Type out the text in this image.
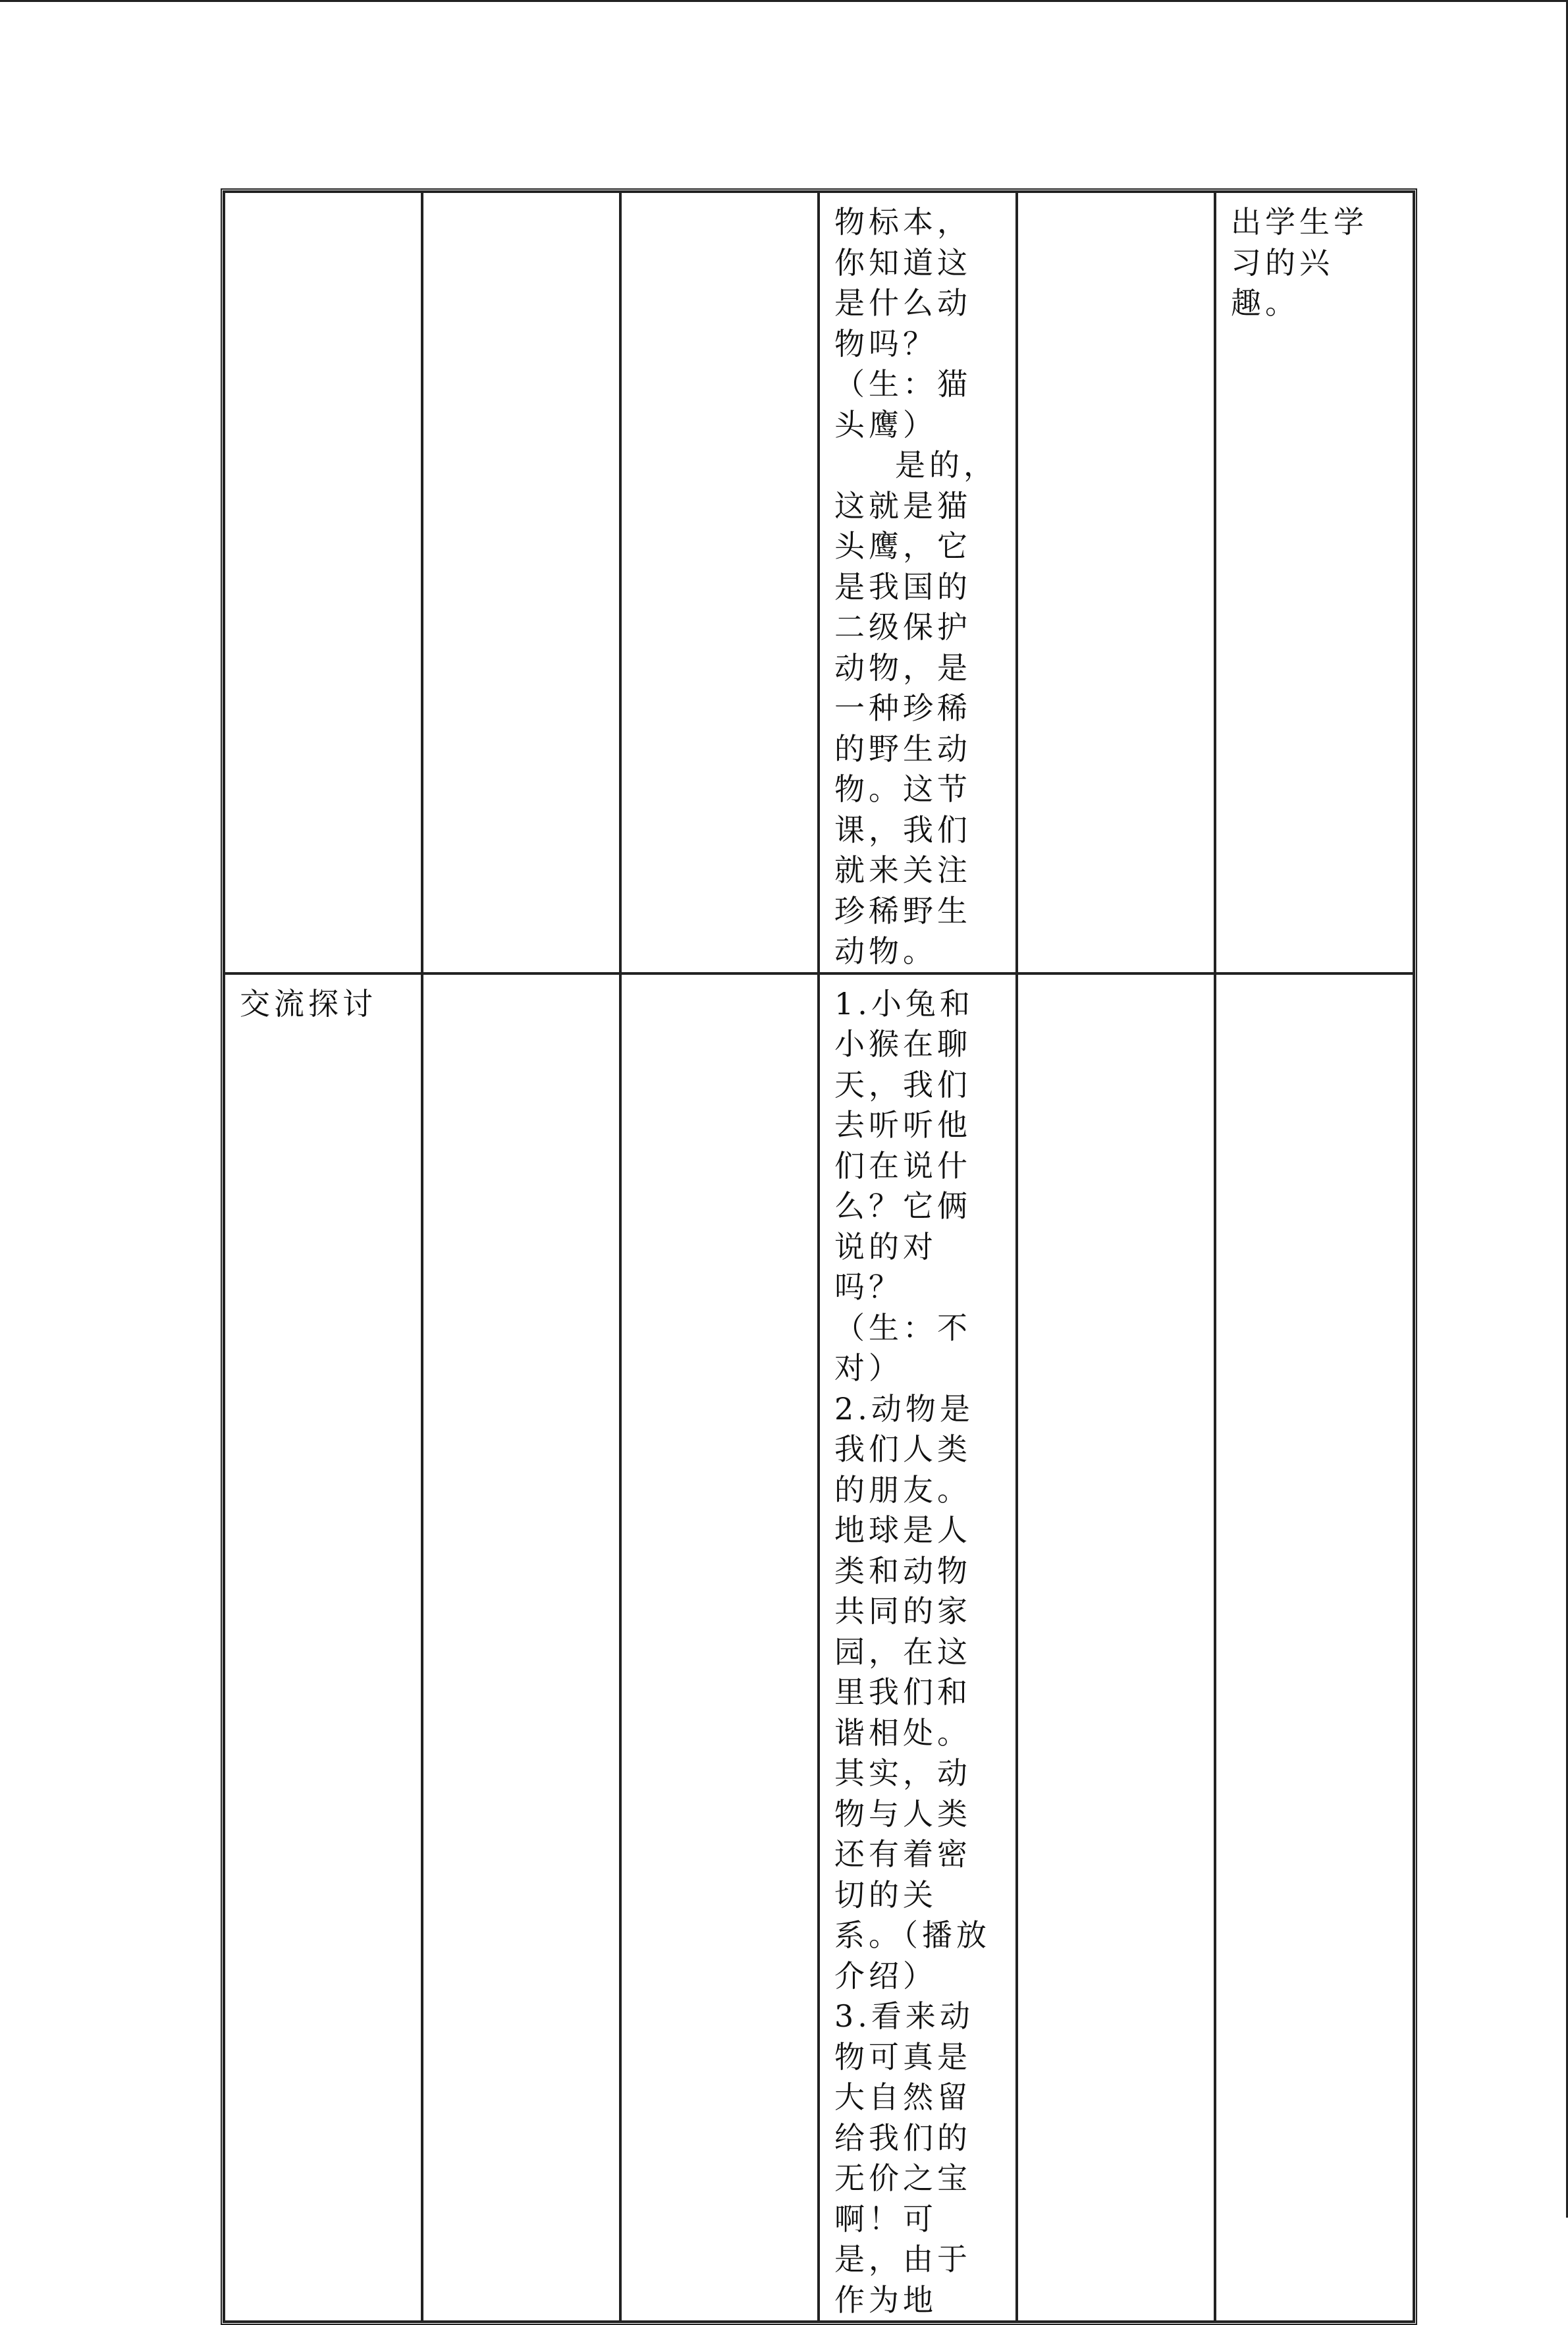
			物标本，你知道这是什么动物吗？（生：猫头鹰）
是的，这就是猫头鹰，它是我国的二级保护动物，是一种珍稀的野生动物。这节课，我们就来关注珍稀野生动物。		出学生学习的兴趣。
交流探讨			1.小兔和小猴在聊天，我们去听听他们在说什么？它俩说的对吗？（生：不对）
2.动物是我们人类的朋友。地球是人类和动物共同的家园，在这里我们和谐相处。其实，动物与人类还有着密切的关系。（播放介绍）
3.看来动物可真是大自然留给我们的无价之宝啊！可是，由于作为地		
